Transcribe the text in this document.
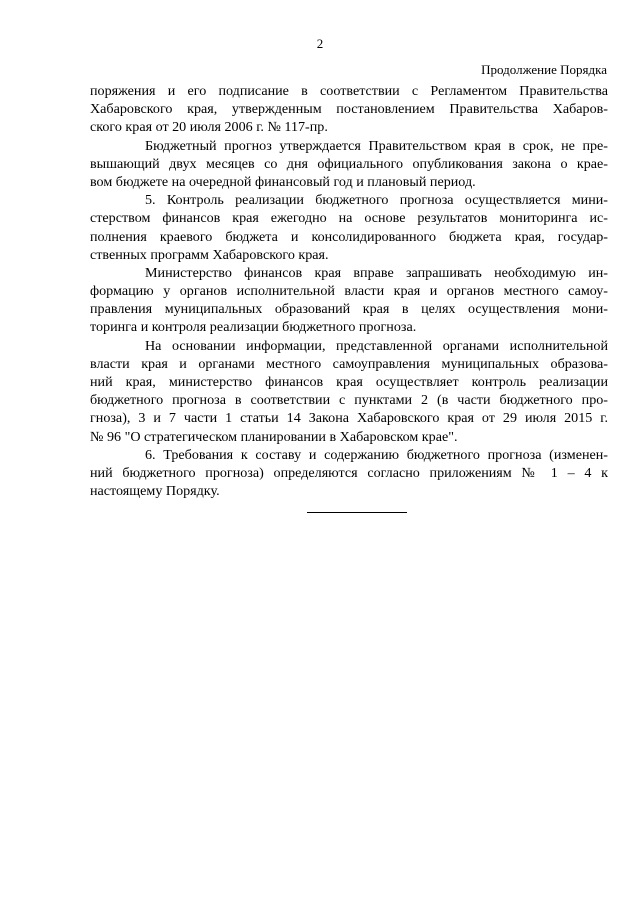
2
Продолжение Порядка
поряжения и его подписание в соответствии с Регламентом Правительства
Хабаровского края, утвержденным постановлением Правительства Хабаров-
ского края от 20 июля 2006 г. № 117-пр.
Бюджетный прогноз утверждается Правительством края в срок, не пре-
вышающий двух месяцев со дня официального опубликования закона о крае-
вом бюджете на очередной финансовый год и плановый период.
5. Контроль реализации бюджетного прогноза осуществляется мини-
стерством финансов края ежегодно на основе результатов мониторинга ис-
полнения краевого бюджета и консолидированного бюджета края, государ-
ственных программ Хабаровского края.
Министерство финансов края вправе запрашивать необходимую ин-
формацию у органов исполнительной власти края и органов местного самоу-
правления муниципальных образований края в целях осуществления мони-
торинга и контроля реализации бюджетного прогноза.
На основании информации, представленной органами исполнительной
власти края и органами местного самоуправления муниципальных образова-
ний края, министерство финансов края осуществляет контроль реализации
бюджетного прогноза в соответствии с пунктами 2 (в части бюджетного про-
гноза), 3 и 7 части 1 статьи 14 Закона Хабаровского края от 29 июля 2015 г.
№ 96 "О стратегическом планировании в Хабаровском крае".
6. Требования к составу и содержанию бюджетного прогноза (изменен-
ний бюджетного прогноза) определяются согласно приложениям № 1 – 4 к
настоящему Порядку.
